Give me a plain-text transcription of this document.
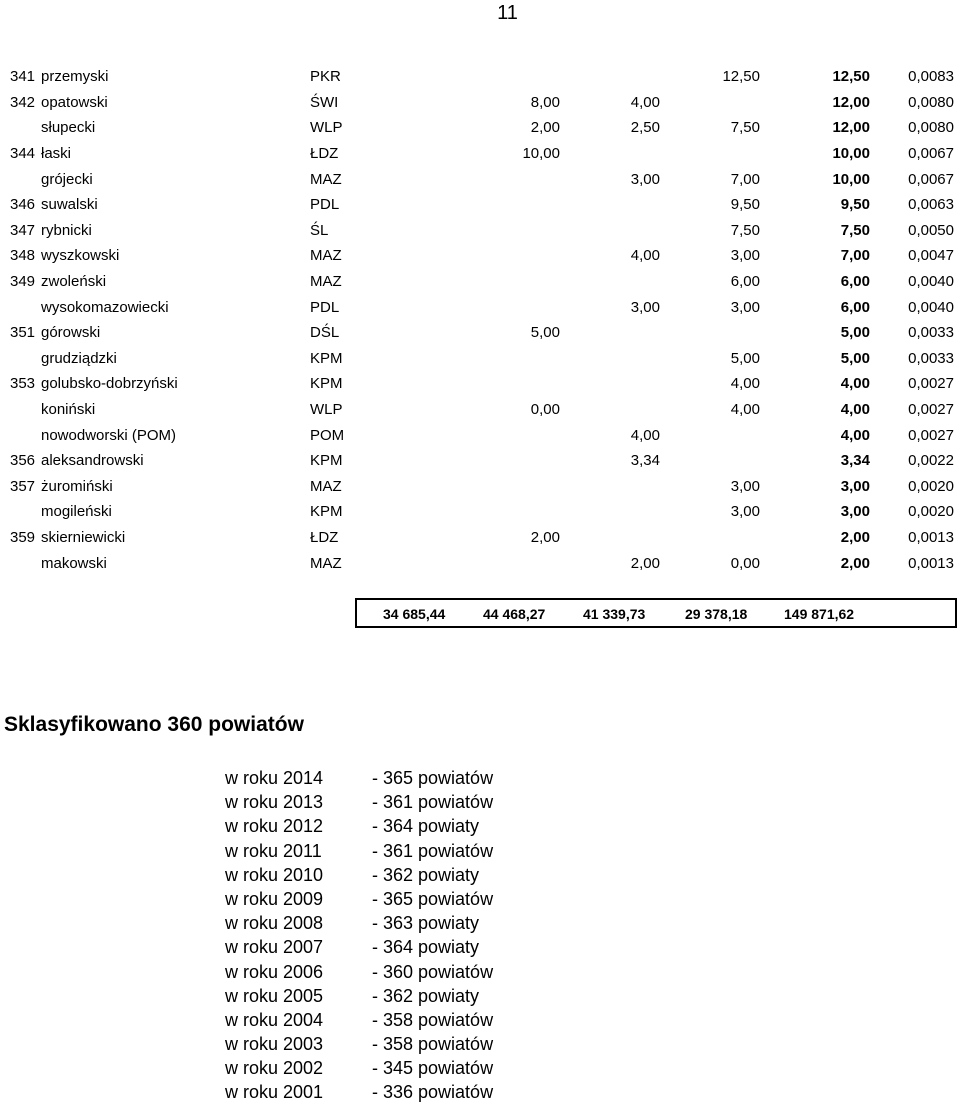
11
341	przemyski	PKR				12,50	12,50	0,0083
342	opatowski	ŚWI		8,00	4,00		12,00	0,0080
	słupecki	WLP		2,00	2,50	7,50	12,00	0,0080
344	łaski	ŁDZ		10,00			10,00	0,0067
	grójecki	MAZ			3,00	7,00	10,00	0,0067
346	suwalski	PDL				9,50	9,50	0,0063
347	rybnicki	ŚL				7,50	7,50	0,0050
348	wyszkowski	MAZ			4,00	3,00	7,00	0,0047
349	zwoleński	MAZ				6,00	6,00	0,0040
	wysokomazowiecki	PDL			3,00	3,00	6,00	0,0040
351	górowski	DŚL		5,00			5,00	0,0033
	grudziądzki	KPM				5,00	5,00	0,0033
353	golubsko-dobrzyński	KPM				4,00	4,00	0,0027
	koniński	WLP		0,00		4,00	4,00	0,0027
	nowodworski (POM)	POM			4,00		4,00	0,0027
356	aleksandrowski	KPM			3,34		3,34	0,0022
357	żuromiński	MAZ				3,00	3,00	0,0020
	mogileński	KPM				3,00	3,00	0,0020
359	skierniewicki	ŁDZ		2,00			2,00	0,0013
	makowski	MAZ			2,00	0,00	2,00	0,0013
34 685,44	44 468,27	41 339,73	29 378,18	149 871,62
Sklasyfikowano 360 powiatów
w roku 2014	- 365 powiatów
w roku 2013	- 361 powiatów
w roku 2012	- 364 powiaty
w roku 2011	- 361 powiatów
w roku 2010	- 362 powiaty
w roku 2009	- 365 powiatów
w roku 2008	- 363 powiaty
w roku 2007	- 364 powiaty
w roku 2006	- 360 powiatów
w roku 2005	- 362 powiaty
w roku 2004	- 358 powiatów
w roku 2003	- 358 powiatów
w roku 2002	- 345 powiatów
w roku 2001	- 336 powiatów
